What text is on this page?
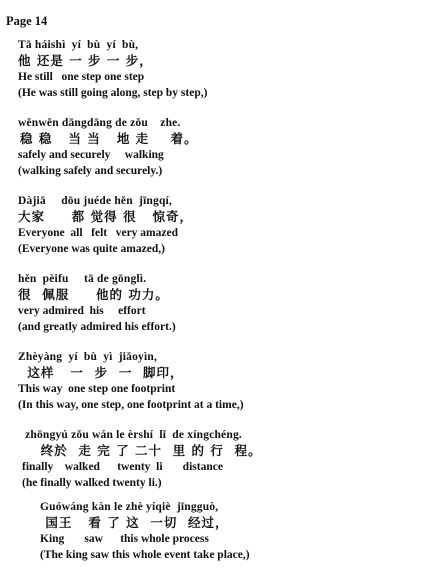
Page 14
Tā háishì  yí  bù  yí  bù,
他 还是 一 步 一 步，
He still   one step one step
(He was still going along, step by step,)
wěnwěn dāngdāng de zǒu    zhe.
稳 稳   当 当   地 走    着。
safely and securely     walking
(walking safely and securely.)
Dàjiā     dōu juéde hěn  jīngqí,
大家     都 觉得 很   惊奇，
Everyone  all   felt   very amazed
(Everyone was quite amazed,)
hěn  pèifu     tā de gōnglì.
很  佩服     他的 功力。
very admired  his     effort
(and greatly admired his effort.)
Zhèyàng  yí  bù  yì  jiǎoyìn,
这样   一  步  一  脚印，
This way  one step one footprint
(In this way, one step, one footprint at a time,)
zhōngyú zǒu wán le èrshí  lǐ  de xíngchéng.
终於  走 完 了 二十  里 的 行  程。
finally    walked      twenty  li       distance
(he finally walked twenty li.)
Guówáng kàn le zhè yíqiè  jīngguò,
国王   看 了 这  一切  经过，
King       saw      this whole process
(The king saw this whole event take place,)
